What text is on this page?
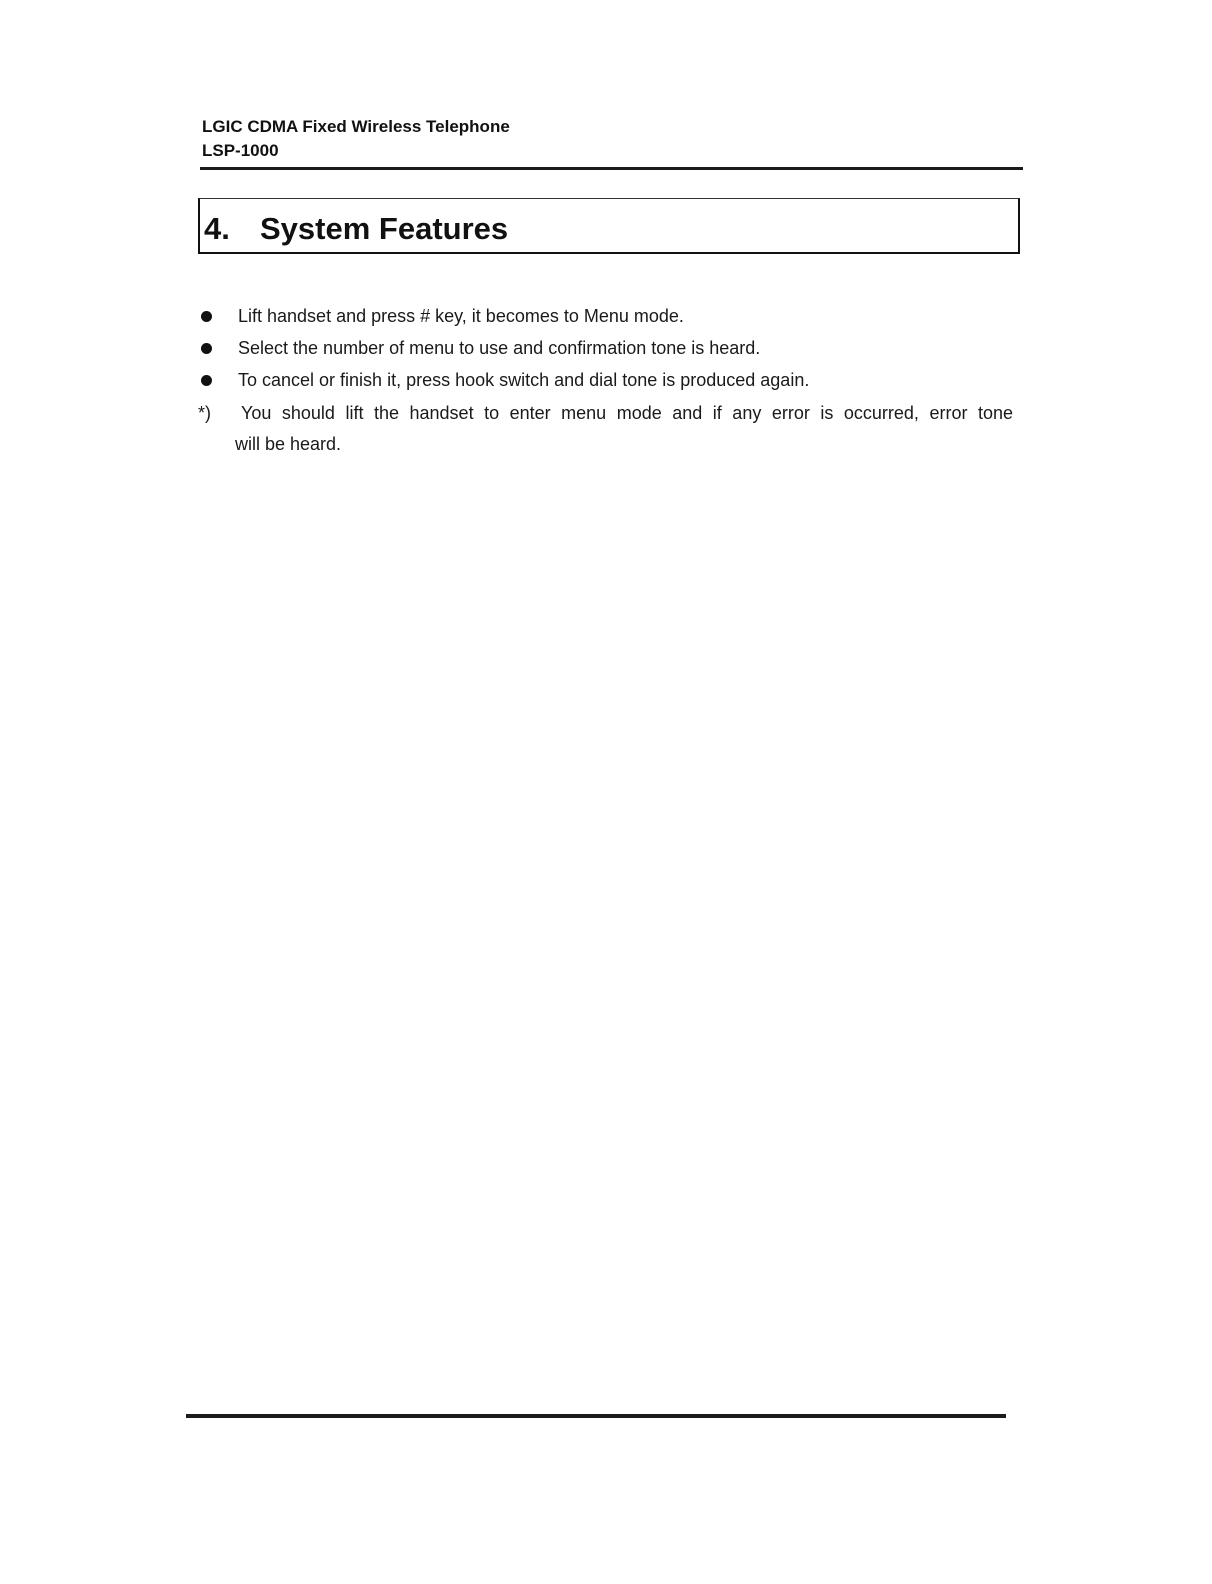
LGIC CDMA Fixed Wireless Telephone
LSP-1000
4. System Features
Lift handset and press # key, it becomes to Menu mode.
Select the number of menu to use and confirmation tone is heard.
To cancel or finish it, press hook switch and dial tone is produced again.
*)	You should lift the handset to enter menu mode and if any error is occurred, error tone
will be heard.
